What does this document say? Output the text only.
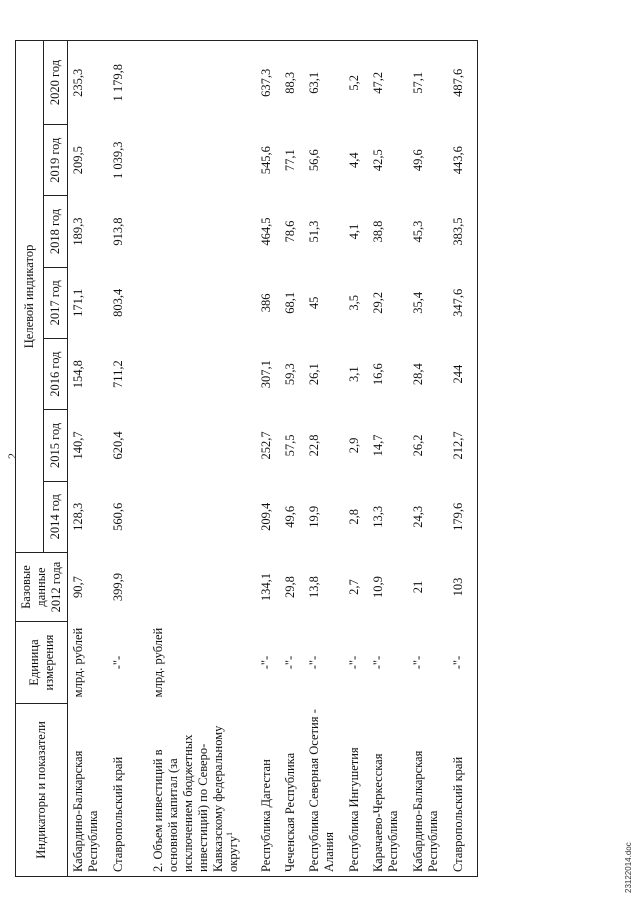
2
Индикаторы и показатели	Единица измерения	Базовые данные 2012 года	Целевой индикатор						
			2014 год	2015 год	2016 год	2017 год	2018 год	2019 год	2020 год
Кабардино-Балкарская Республика	млрд. рублей	90,7	128,3	140,7	154,8	171,1	189,3	209,5	235,3
Ставропольский край	-"-	399,9	560,6	620,4	711,2	803,4	913,8	1 039,3	1 179,8
2. Объем инвестиций в основной капитал (за исключением бюджетных инвестиций) по Северо-Кавказскому федеральному округу$^1$	млрд. рублей								
Республика Дагестан	-"-	134,1	209,4	252,7	307,1	386	464,5	545,6	637,3
Чеченская Республика	-"-	29,8	49,6	57,5	59,3	68,1	78,6	77,1	88,3
Республика Северная Осетия - Алания	-"-	13,8	19,9	22,8	26,1	45	51,3	56,6	63,1
Республика Ингушетия	-"-	2,7	2,8	2,9	3,1	3,5	4,1	4,4	5,2
Карачаево-Черкесская Республика	-"-	10,9	13,3	14,7	16,6	29,2	38,8	42,5	47,2
Кабардино-Балкарская Республика	-"-	21	24,3	26,2	28,4	35,4	45,3	49,6	57,1
Ставропольский край	-"-	103	179,6	212,7	244	347,6	383,5	443,6	487,6
23122014.doc
